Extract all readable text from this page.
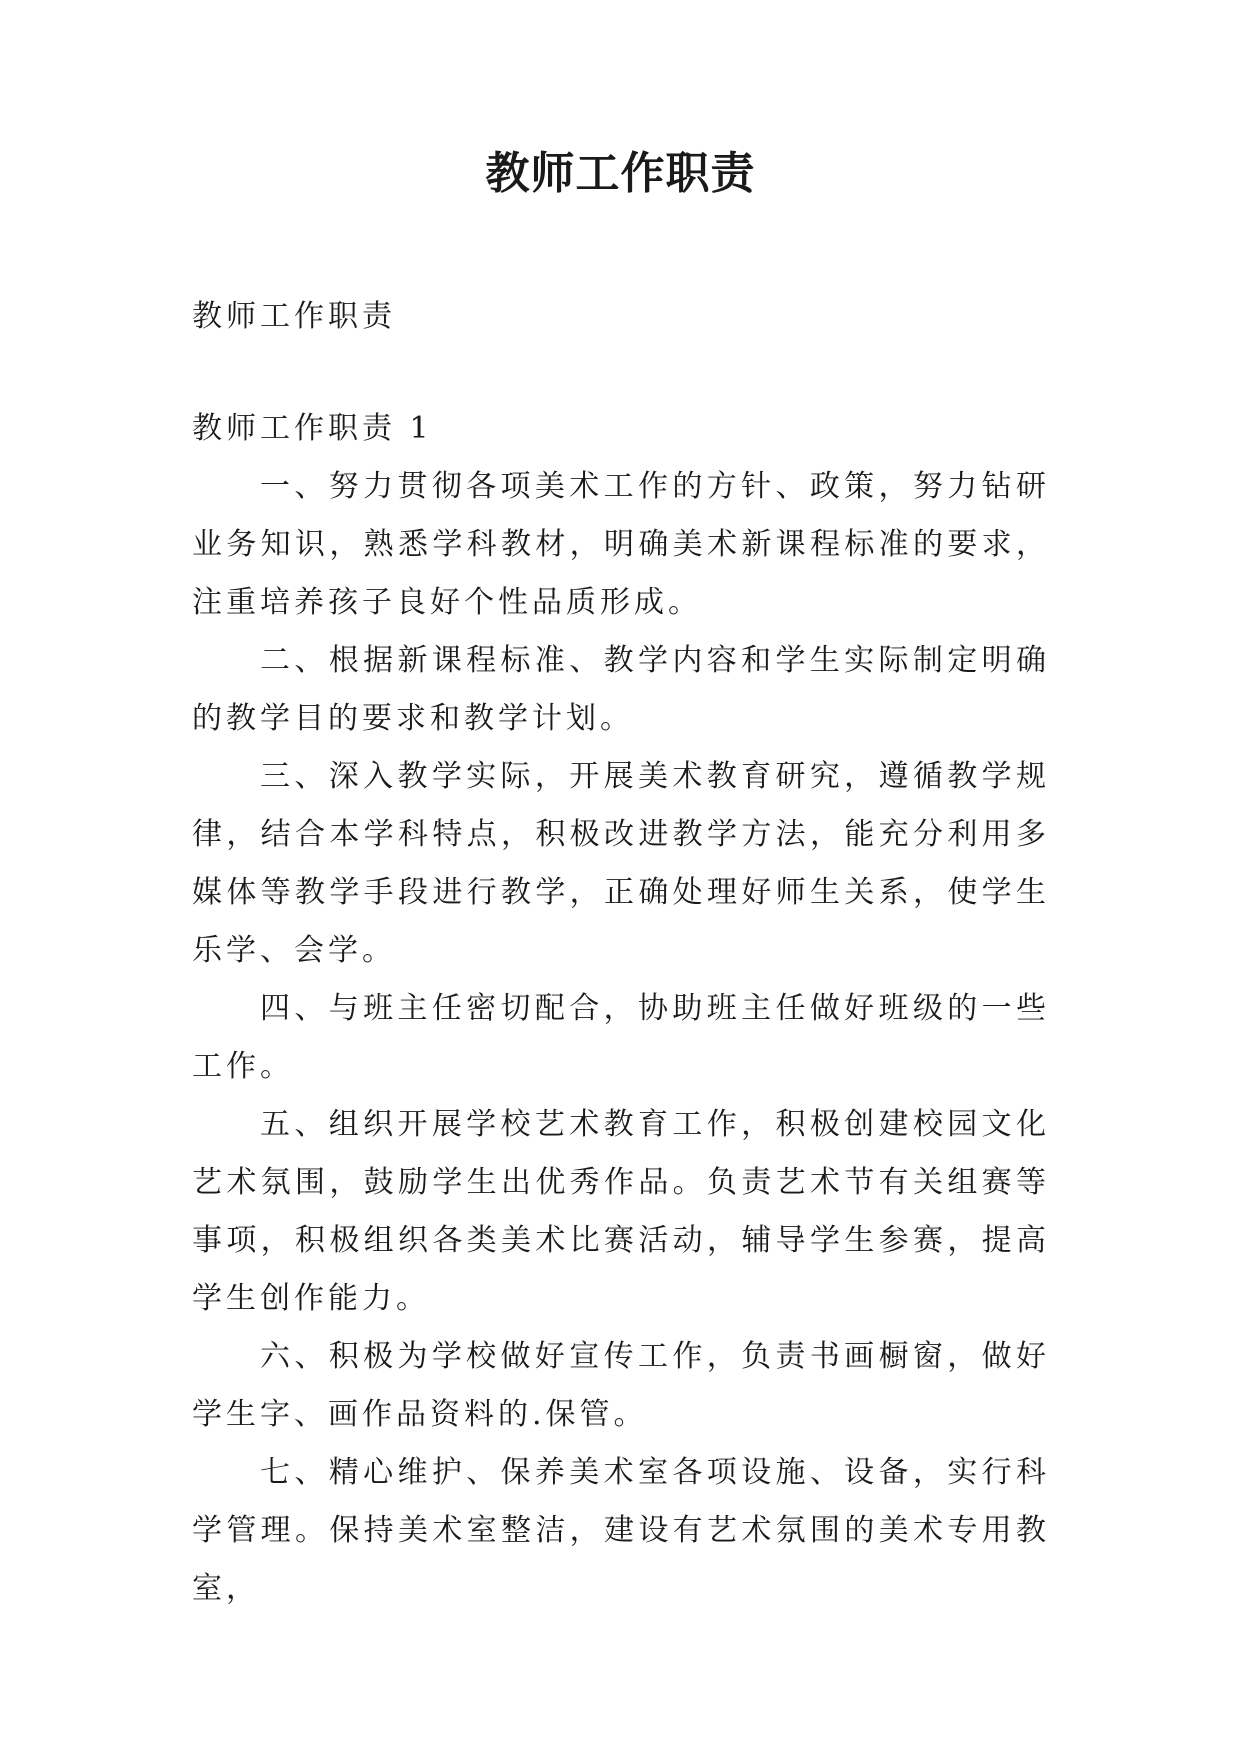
教师工作职责

教师工作职责

教师工作职责 1

一、努力贯彻各项美术工作的方针、政策，努力钻研业务知识，熟悉学科教材，明确美术新课程标准的要求，注重培养孩子良好个性品质形成。

二、根据新课程标准、教学内容和学生实际制定明确的教学目的要求和教学计划。

三、深入教学实际，开展美术教育研究，遵循教学规律，结合本学科特点，积极改进教学方法，能充分利用多媒体等教学手段进行教学，正确处理好师生关系，使学生乐学、会学。

四、与班主任密切配合，协助班主任做好班级的一些工作。

五、组织开展学校艺术教育工作，积极创建校园文化艺术氛围，鼓励学生出优秀作品。负责艺术节有关组赛等事项，积极组织各类美术比赛活动，辅导学生参赛，提高学生创作能力。

六、积极为学校做好宣传工作，负责书画橱窗，做好学生字、画作品资料的.保管。

七、精心维护、保养美术室各项设施、设备，实行科学管理。保持美术室整洁，建设有艺术氛围的美术专用教室，
